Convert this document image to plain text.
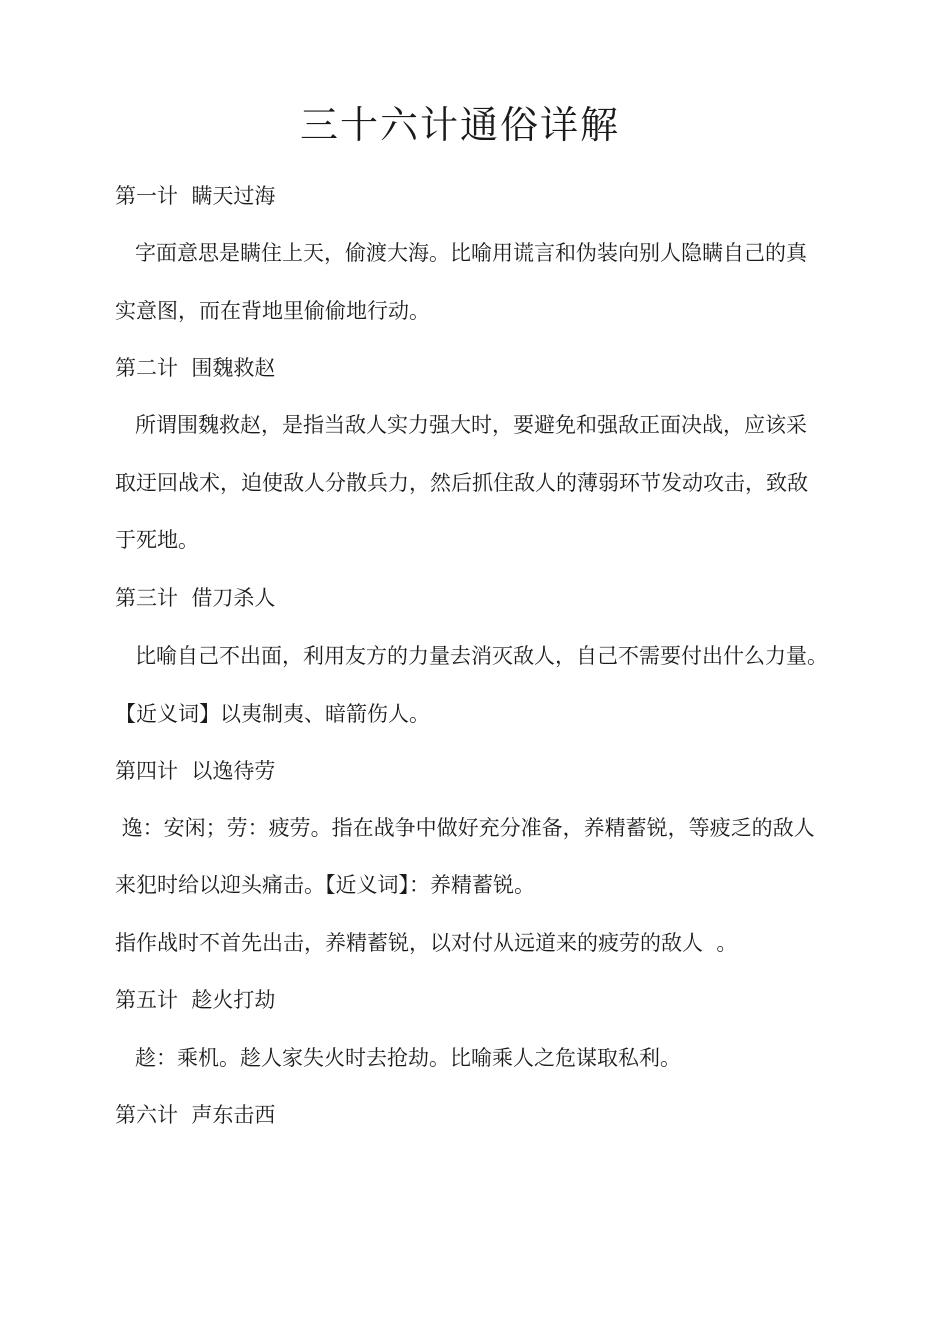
三十六计通俗详解
第一计  瞒天过海
字面意思是瞒住上天，偷渡大海。比喻用谎言和伪装向别人隐瞒自己的真
实意图，而在背地里偷偷地行动。
第二计  围魏救赵
所谓围魏救赵，是指当敌人实力强大时，要避免和强敌正面决战，应该采
取迂回战术，迫使敌人分散兵力，然后抓住敌人的薄弱环节发动攻击，致敌
于死地。
第三计  借刀杀人
比喻自己不出面，利用友方的力量去消灭敌人，自己不需要付出什么力量。
【近义词】以夷制夷、暗箭伤人。
第四计  以逸待劳
逸：安闲；劳：疲劳。指在战争中做好充分准备，养精蓄锐，等疲乏的敌人
来犯时给以迎头痛击。【近义词】：养精蓄锐。
指作战时不首先出击，养精蓄锐，以对付从远道来的疲劳的敌人  。
第五计  趁火打劫
趁：乘机。趁人家失火时去抢劫。比喻乘人之危谋取私利。
第六计  声东击西
